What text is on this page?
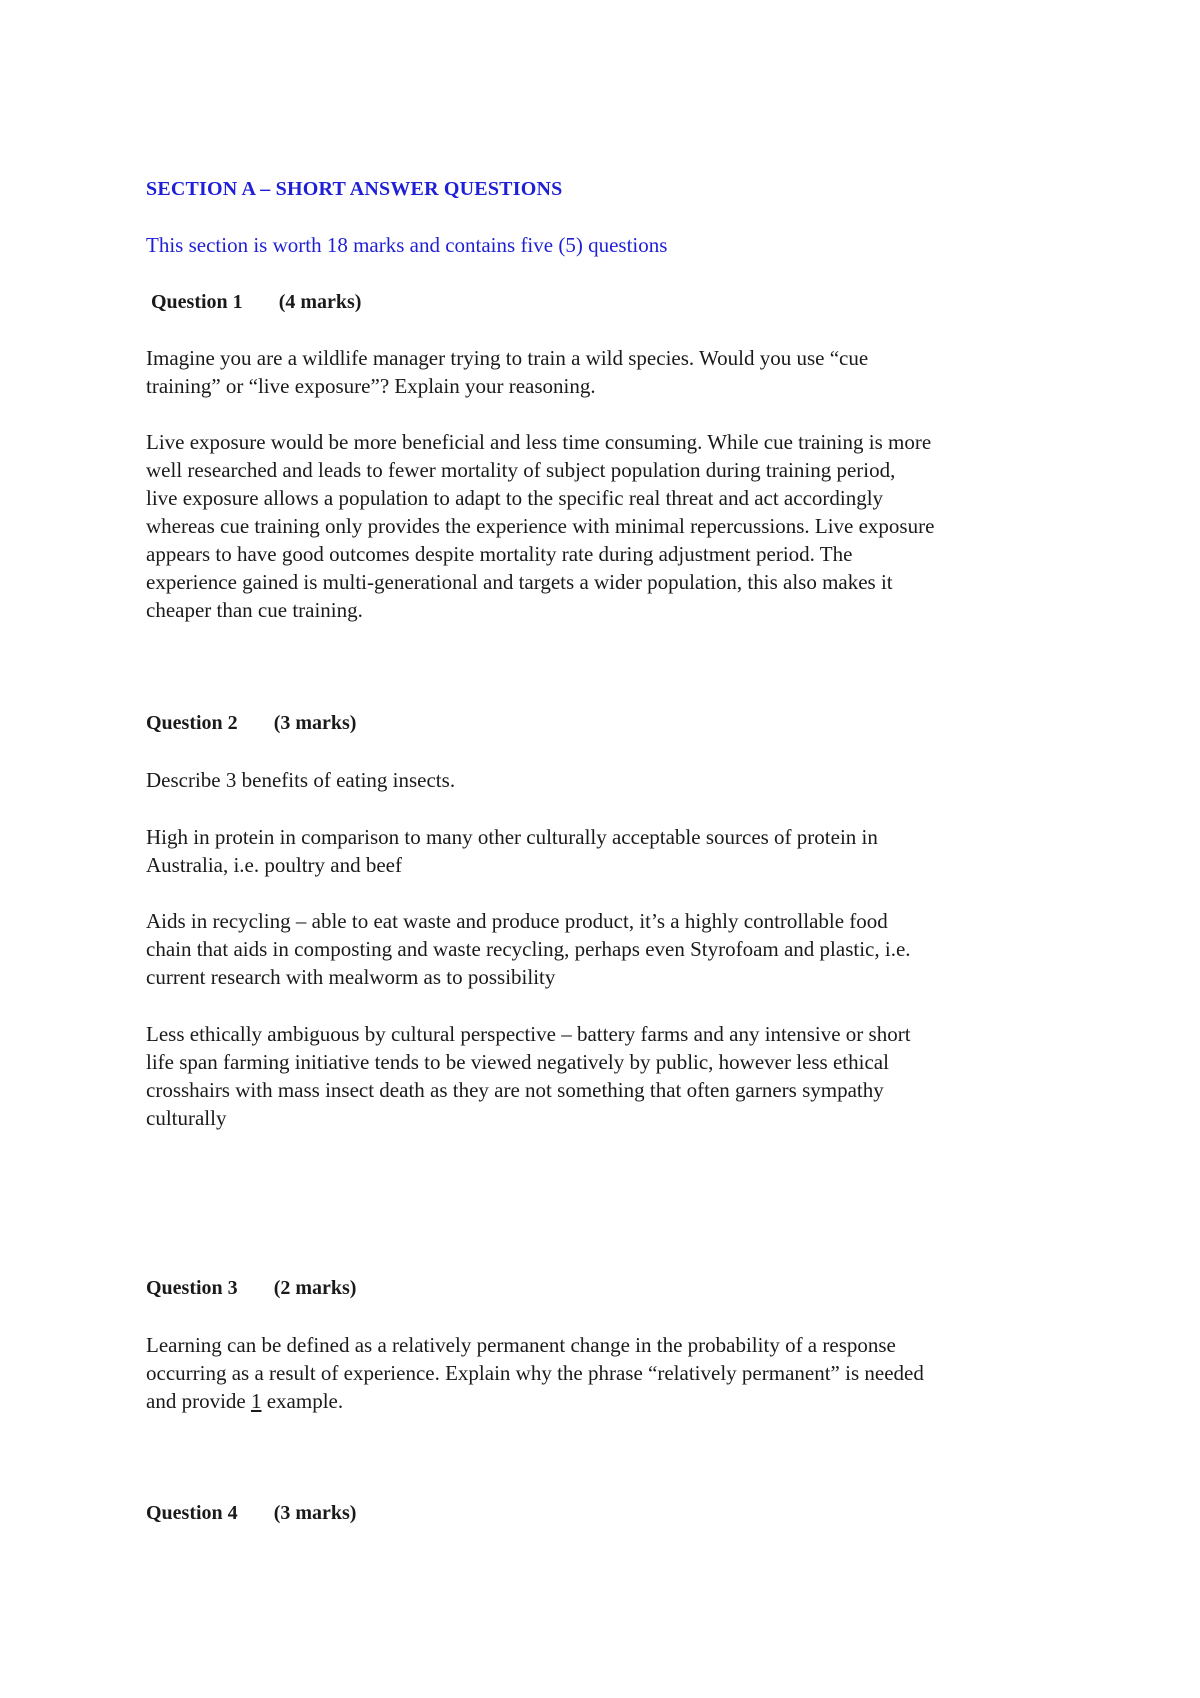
SECTION A – SHORT ANSWER QUESTIONS

This section is worth 18 marks and contains five (5) questions

Question 1 (4 marks)

Imagine you are a wildlife manager trying to train a wild species. Would you use “cue
training” or “live exposure”? Explain your reasoning.

Live exposure would be more beneficial and less time consuming. While cue training is more
well researched and leads to fewer mortality of subject population during training period,
live exposure allows a population to adapt to the specific real threat and act accordingly
whereas cue training only provides the experience with minimal repercussions. Live exposure
appears to have good outcomes despite mortality rate during adjustment period. The
experience gained is multi-generational and targets a wider population, this also makes it
cheaper than cue training.

Question 2 (3 marks)

Describe 3 benefits of eating insects.

High in protein in comparison to many other culturally acceptable sources of protein in
Australia, i.e. poultry and beef

Aids in recycling – able to eat waste and produce product, it’s a highly controllable food
chain that aids in composting and waste recycling, perhaps even Styrofoam and plastic, i.e.
current research with mealworm as to possibility

Less ethically ambiguous by cultural perspective – battery farms and any intensive or short
life span farming initiative tends to be viewed negatively by public, however less ethical
crosshairs with mass insect death as they are not something that often garners sympathy
culturally

Question 3 (2 marks)

Learning can be defined as a relatively permanent change in the probability of a response
occurring as a result of experience. Explain why the phrase “relatively permanent” is needed
and provide 1 example.

Question 4 (3 marks)
